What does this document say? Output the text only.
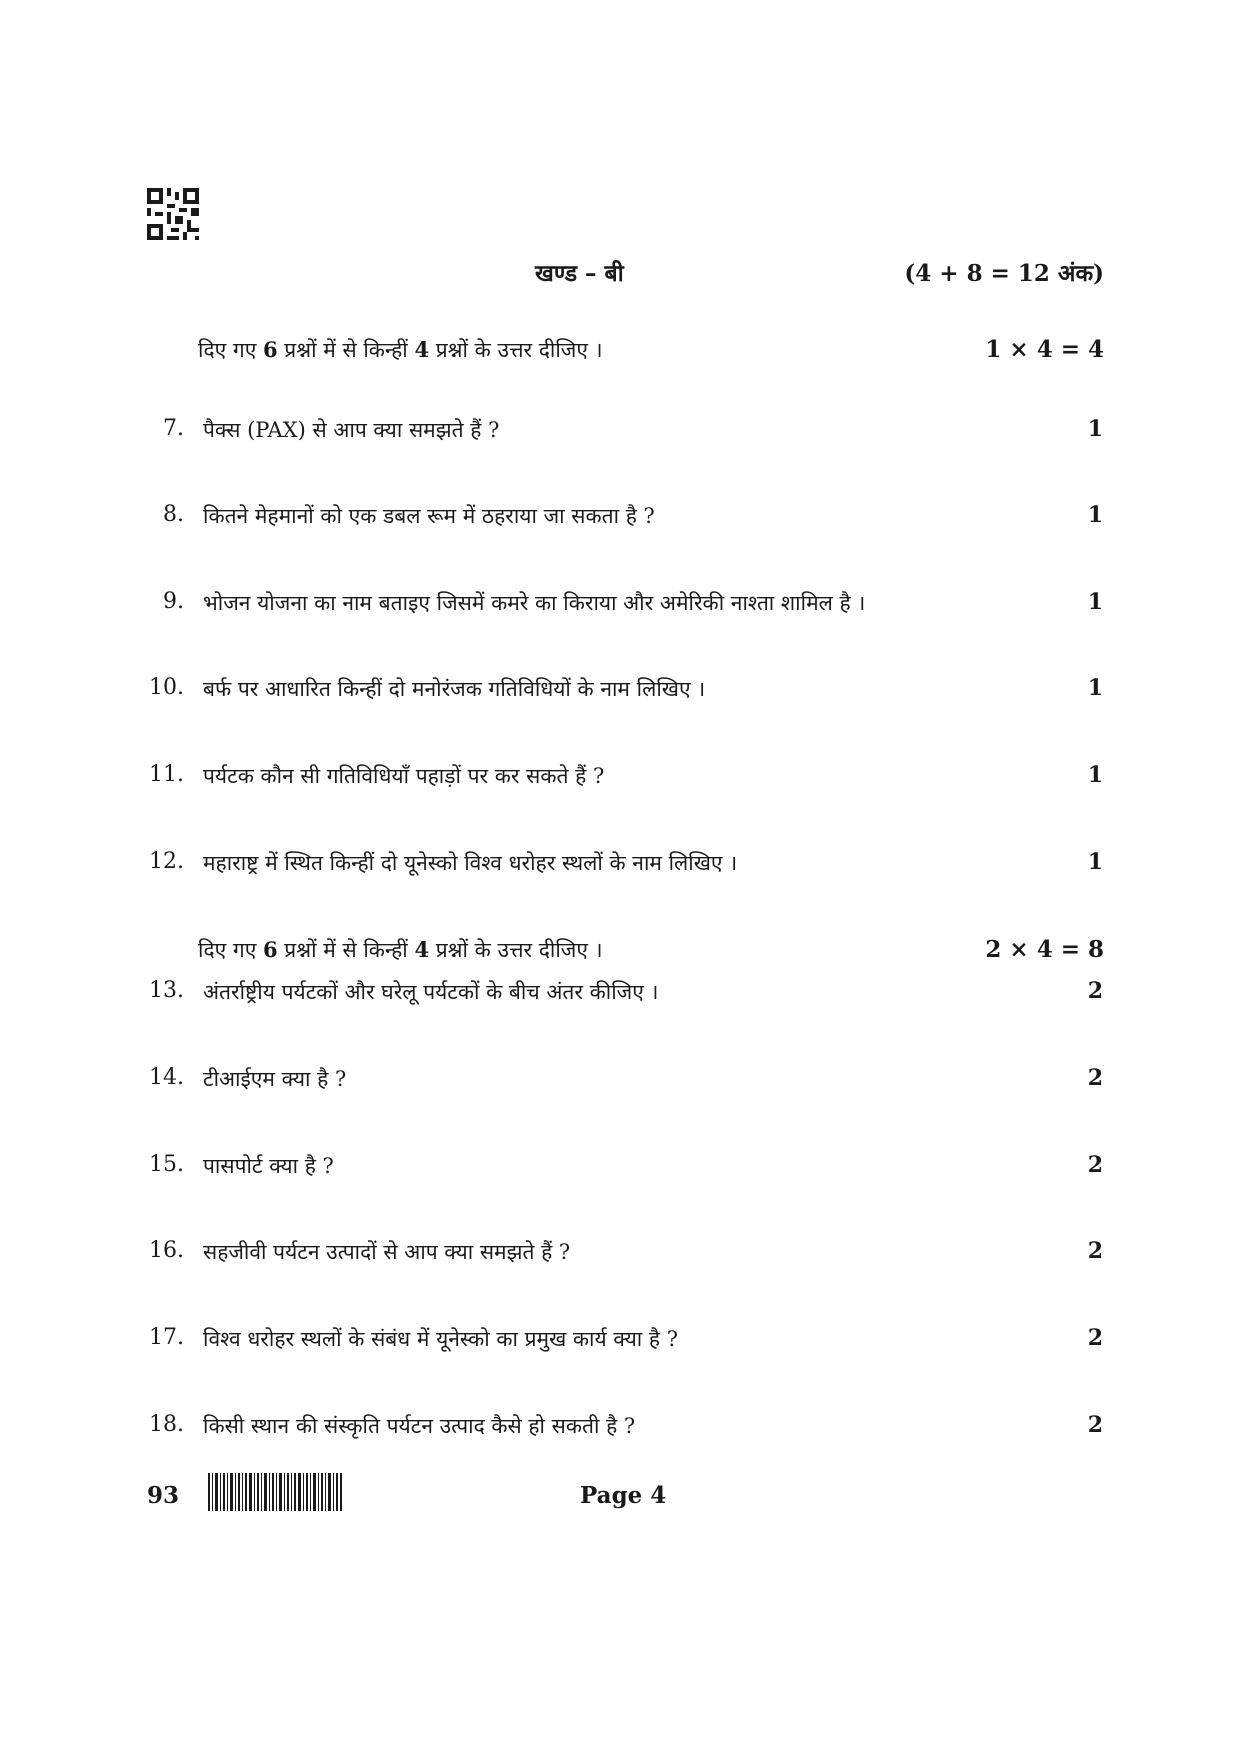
खण्ड – बी	(4 + 8 = 12 अंक)
दिए गए 6 प्रश्नों में से किन्हीं 4 प्रश्नों के उत्तर दीजिए ।	1 × 4 = 4
7. पैक्स (PAX) से आप क्या समझते हैं ?	1
8. कितने मेहमानों को एक डबल रूम में ठहराया जा सकता है ?	1
9. भोजन योजना का नाम बताइए जिसमें कमरे का किराया और अमेरिकी नाश्ता शामिल है ।	1
10. बर्फ पर आधारित किन्हीं दो मनोरंजक गतिविधियों के नाम लिखिए ।	1
11. पर्यटक कौन सी गतिविधियाँ पहाड़ों पर कर सकते हैं ?	1
12. महाराष्ट्र में स्थित किन्हीं दो यूनेस्को विश्व धरोहर स्थलों के नाम लिखिए ।	1
दिए गए 6 प्रश्नों में से किन्हीं 4 प्रश्नों के उत्तर दीजिए ।	2 × 4 = 8
13. अंतर्राष्ट्रीय पर्यटकों और घरेलू पर्यटकों के बीच अंतर कीजिए ।	2
14. टीआईएम क्या है ?	2
15. पासपोर्ट क्या है ?	2
16. सहजीवी पर्यटन उत्पादों से आप क्या समझते हैं ?	2
17. विश्व धरोहर स्थलों के संबंध में यूनेस्को का प्रमुख कार्य क्या है ?	2
18. किसी स्थान की संस्कृति पर्यटन उत्पाद कैसे हो सकती है ?	2
93	Page 4
